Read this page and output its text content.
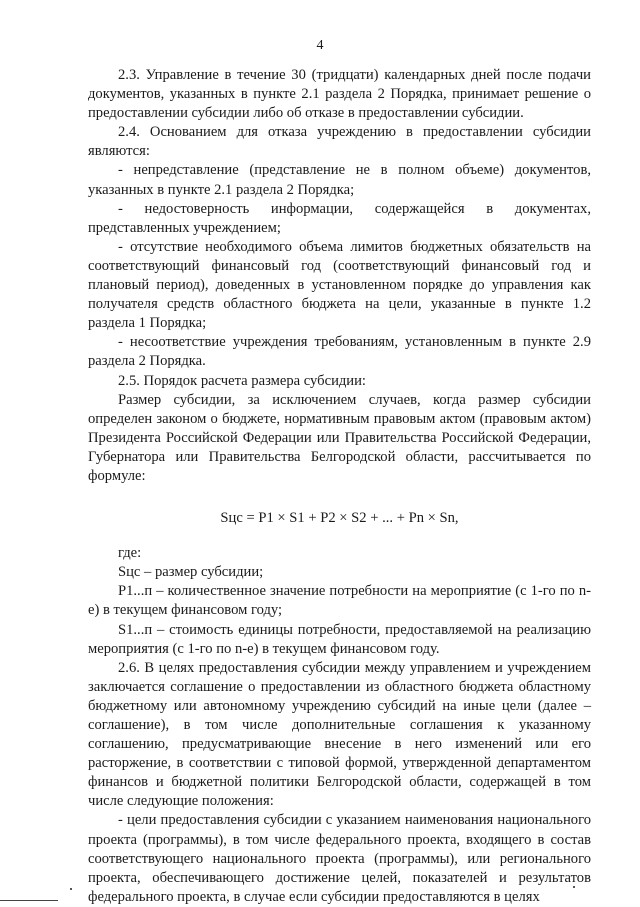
4

2.3. Управление в течение 30 (тридцати) календарных дней после подачи документов, указанных в пункте 2.1 раздела 2 Порядка, принимает решение о предоставлении субсидии либо об отказе в предоставлении субсидии.

2.4. Основанием для отказа учреждению в предоставлении субсидии являются:

- непредставление (представление не в полном объеме) документов, указанных в пункте 2.1 раздела 2 Порядка;

- недостоверность информации, содержащейся в документах, представленных учреждением;

- отсутствие необходимого объема лимитов бюджетных обязательств на соответствующий финансовый год (соответствующий финансовый год и плановый период), доведенных в установленном порядке до управления как получателя средств областного бюджета на цели, указанные в пункте 1.2 раздела 1 Порядка;

- несоответствие учреждения требованиям, установленным в пункте 2.9 раздела 2 Порядка.

2.5. Порядок расчета размера субсидии:

Размер субсидии, за исключением случаев, когда размер субсидии определен законом о бюджете, нормативным правовым актом (правовым актом) Президента Российской Федерации или Правительства Российской Федерации, Губернатора или Правительства Белгородской области, рассчитывается по формуле:

Sцс = P1 × S1 + P2 × S2 + ... + Pn × Sn,

где:

Sцс – размер субсидии;

P1...п – количественное значение потребности на мероприятие (с 1-го по n-е) в текущем финансовом году;

S1...п – стоимость единицы потребности, предоставляемой на реализацию мероприятия (с 1-го по n-е) в текущем финансовом году.

2.6. В целях предоставления субсидии между управлением и учреждением заключается соглашение о предоставлении из областного бюджета областному бюджетному или автономному учреждению субсидий на иные цели (далее – соглашение), в том числе дополнительные соглашения к указанному соглашению, предусматривающие внесение в него изменений или его расторжение, в соответствии с типовой формой, утвержденной департаментом финансов и бюджетной политики Белгородской области, содержащей в том числе следующие положения:

- цели предоставления субсидии с указанием наименования национального проекта (программы), в том числе федерального проекта, входящего в состав соответствующего национального проекта (программы), или регионального проекта, обеспечивающего достижение целей, показателей и результатов федерального проекта, в случае если субсидии предоставляются в целях
